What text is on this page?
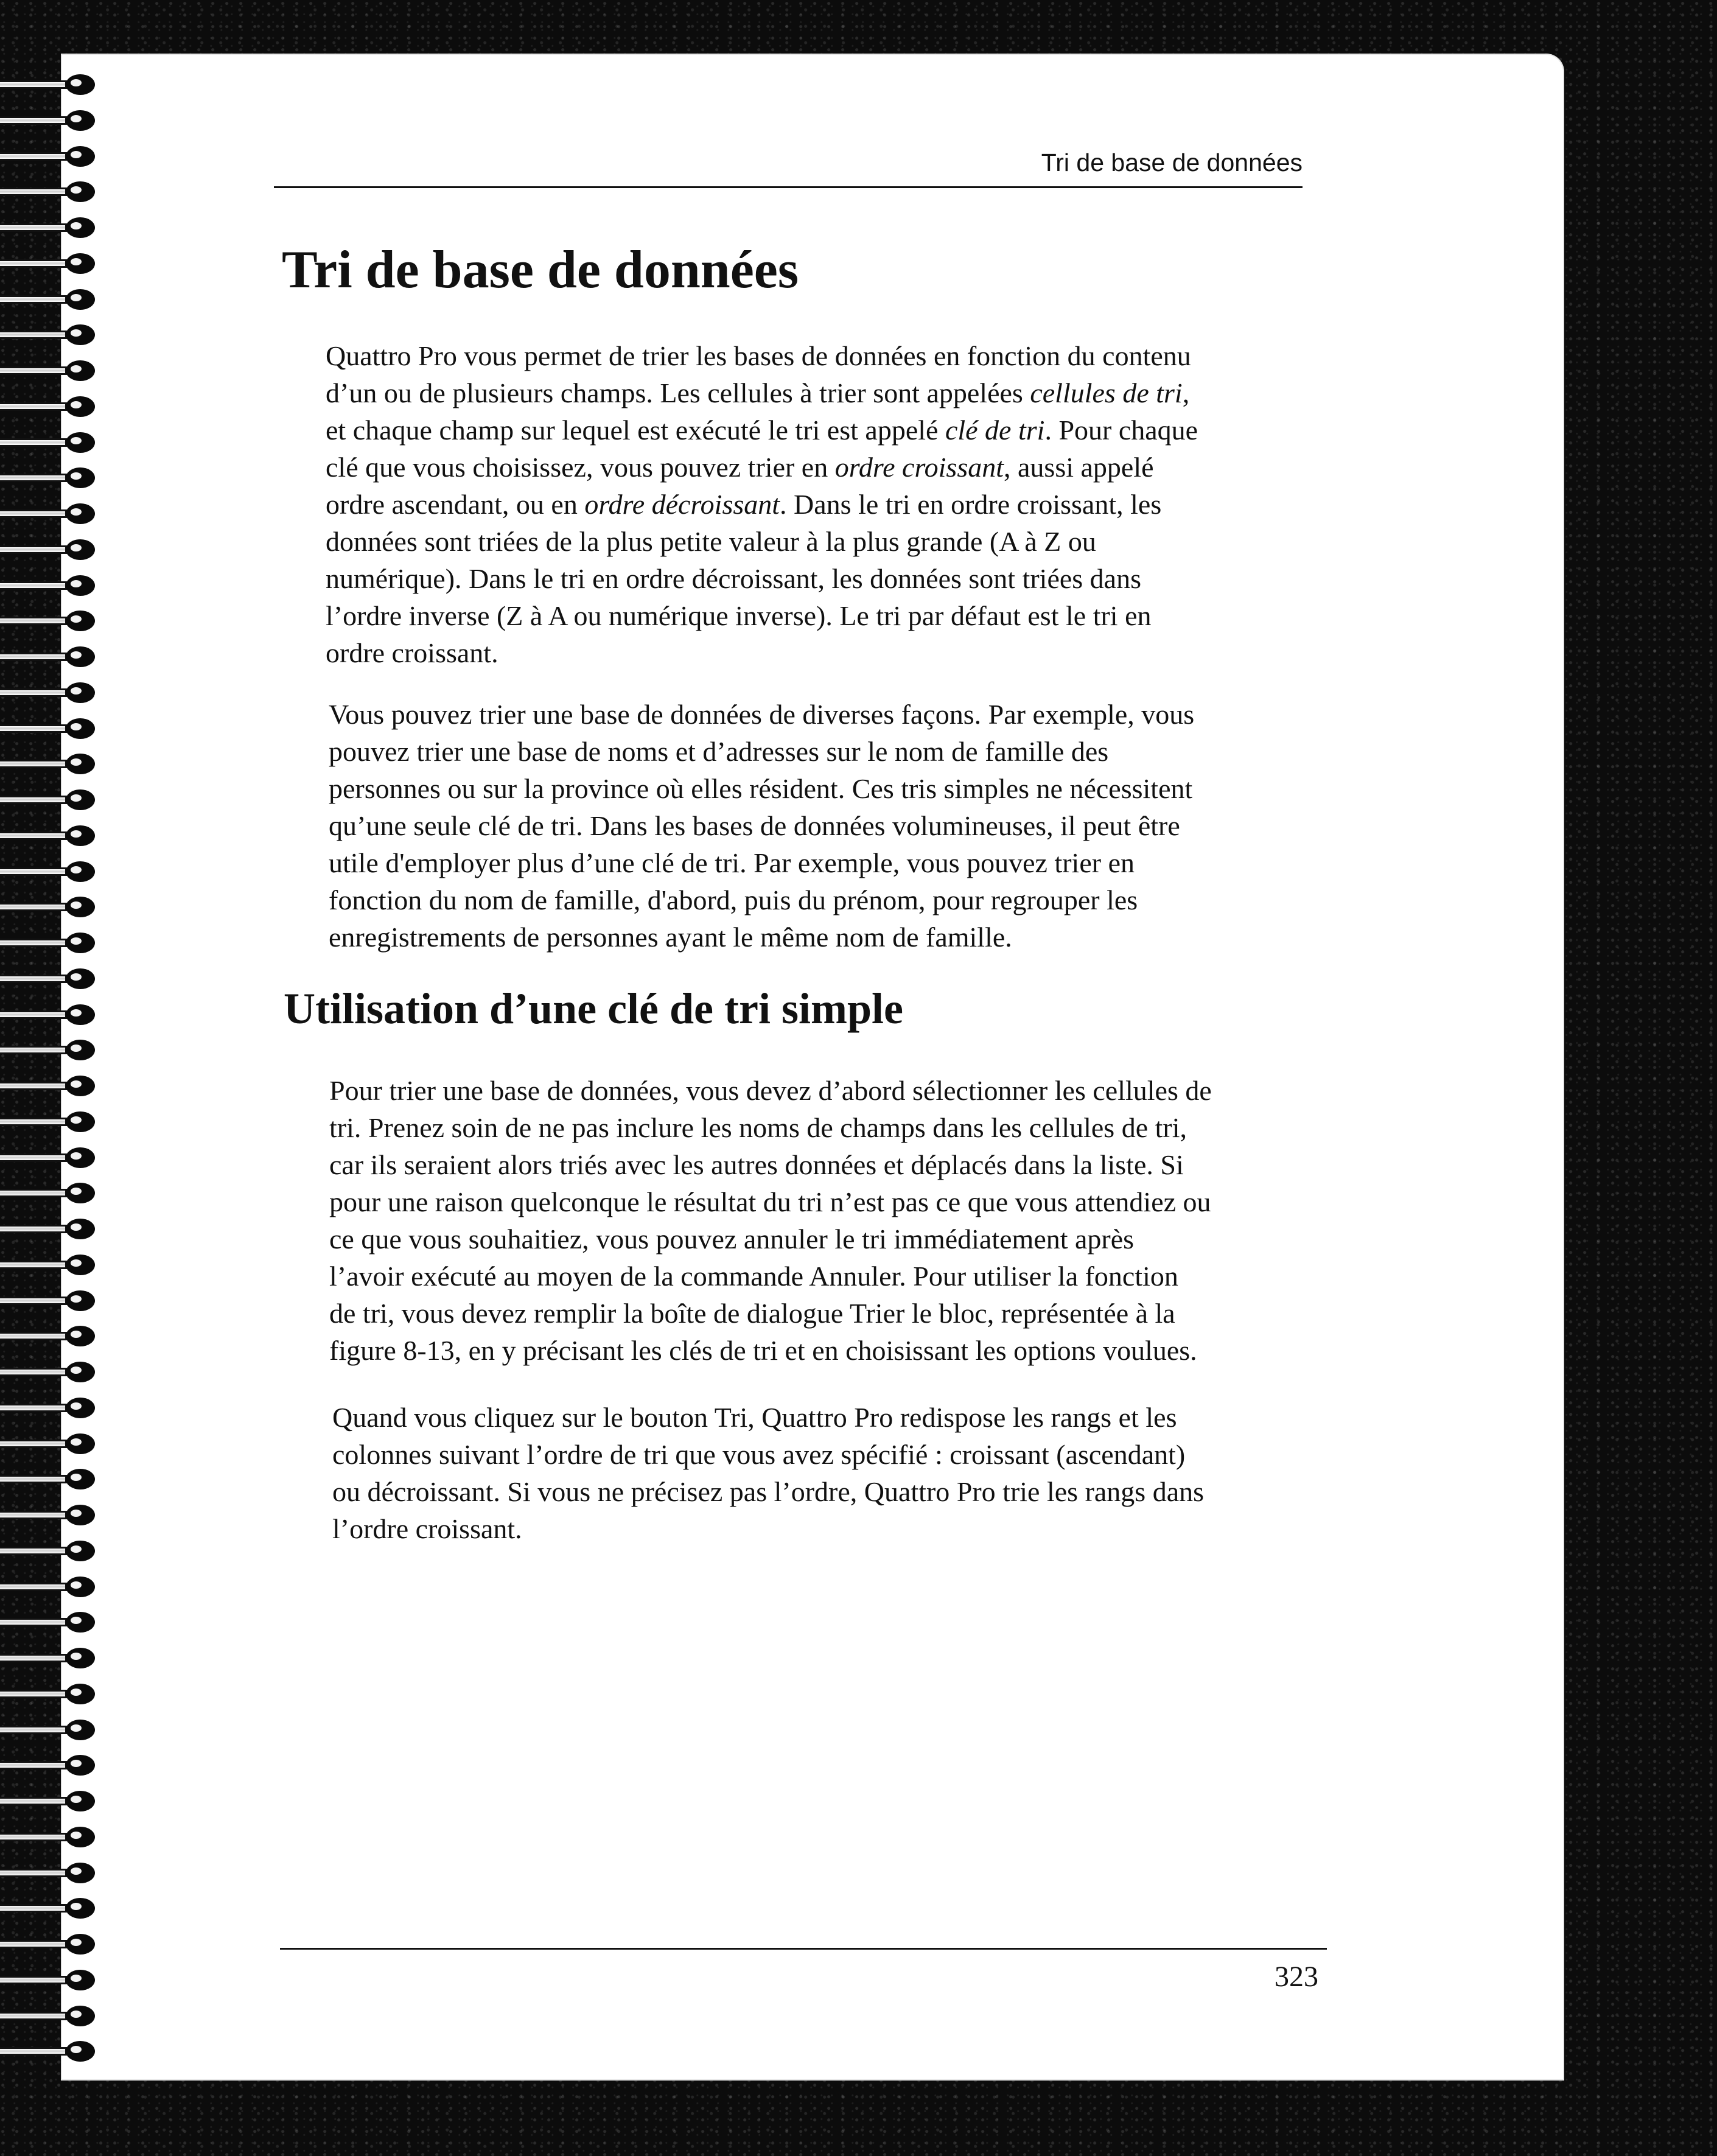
Tri de base de données
Tri de base de données
Quattro Pro vous permet de trier les bases de données en fonction du contenu
d’un ou de plusieurs champs. Les cellules à trier sont appelées cellules de tri,
et chaque champ sur lequel est exécuté le tri est appelé clé de tri. Pour chaque
clé que vous choisissez, vous pouvez trier en ordre croissant, aussi appelé
ordre ascendant, ou en ordre décroissant. Dans le tri en ordre croissant, les
données sont triées de la plus petite valeur à la plus grande (A à Z ou
numérique). Dans le tri en ordre décroissant, les données sont triées dans
l’ordre inverse (Z à A ou numérique inverse). Le tri par défaut est le tri en
ordre croissant.
Vous pouvez trier une base de données de diverses façons. Par exemple, vous
pouvez trier une base de noms et d’adresses sur le nom de famille des
personnes ou sur la province où elles résident. Ces tris simples ne nécessitent
qu’une seule clé de tri. Dans les bases de données volumineuses, il peut être
utile d'employer plus d’une clé de tri. Par exemple, vous pouvez trier en
fonction du nom de famille, d'abord, puis du prénom, pour regrouper les
enregistrements de personnes ayant le même nom de famille.
Utilisation d’une clé de tri simple
Pour trier une base de données, vous devez d’abord sélectionner les cellules de
tri. Prenez soin de ne pas inclure les noms de champs dans les cellules de tri,
car ils seraient alors triés avec les autres données et déplacés dans la liste. Si
pour une raison quelconque le résultat du tri n’est pas ce que vous attendiez ou
ce que vous souhaitiez, vous pouvez annuler le tri immédiatement après
l’avoir exécuté au moyen de la commande Annuler. Pour utiliser la fonction
de tri, vous devez remplir la boîte de dialogue Trier le bloc, représentée à la
figure 8-13, en y précisant les clés de tri et en choisissant les options voulues.
Quand vous cliquez sur le bouton Tri, Quattro Pro redispose les rangs et les
colonnes suivant l’ordre de tri que vous avez spécifié : croissant (ascendant)
ou décroissant. Si vous ne précisez pas l’ordre, Quattro Pro trie les rangs dans
l’ordre croissant.
323
